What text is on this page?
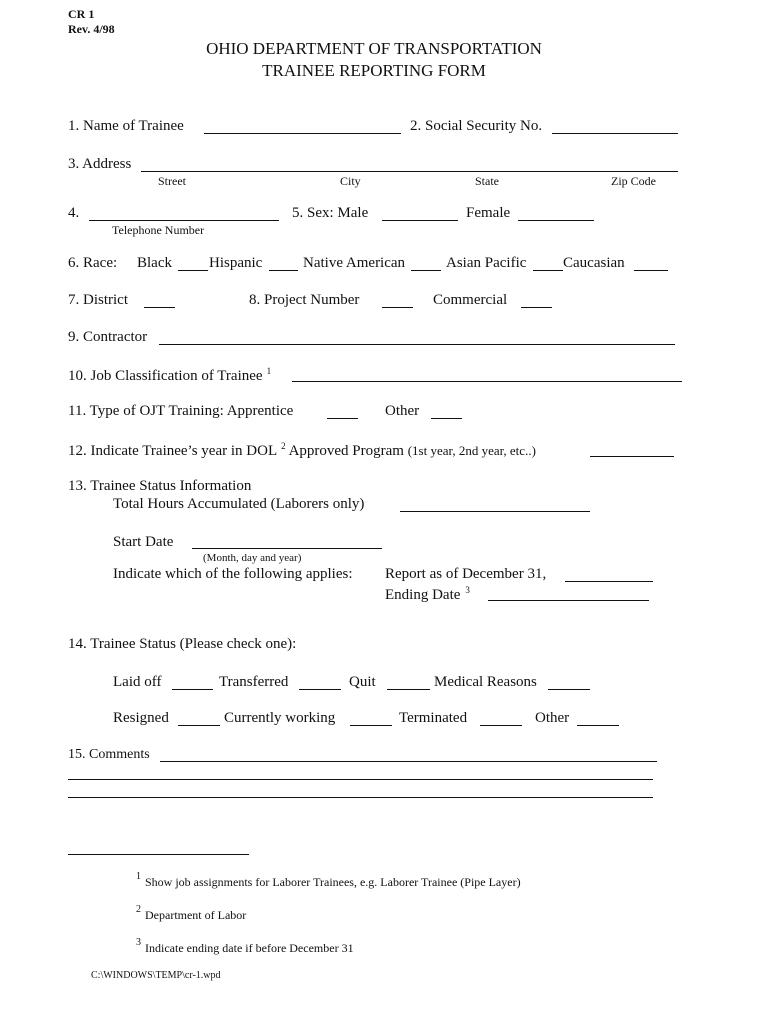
CR 1
Rev. 4/98
OHIO DEPARTMENT OF TRANSPORTATION
TRAINEE REPORTING FORM
1. Name of Trainee	2. Social Security No.
3. Address
Street	City	State	Zip Code
4.
Telephone Number
5. Sex: Male	Female
6. Race: Black Hispanic	Native American	Asian Pacific Caucasian
7. District	8. Project Number	Commercial
9. Contractor
10. Job Classification of Trainee $^1$
11. Type of OJT Training: Apprentice	Other
12. Indicate Trainee’s year in DOL $^2$ Approved Program (1st year, 2nd year, etc..)
13. Trainee Status Information
Total Hours Accumulated (Laborers only)
Start Date
(Month, day and year)
Indicate which of the following applies: Report as of December 31,
Ending Date $^3$
14. Trainee Status (Please check one):
Laid off	Transferred	Quit	Medical Reasons
Resigned	Currently working	Terminated	Other
15. Comments
1 Show job assignments for Laborer Trainees, e.g. Laborer Trainee (Pipe Layer)
2 Department of Labor
3 Indicate ending date if before December 31
C:\WINDOWS\TEMP\cr-1.wpd
